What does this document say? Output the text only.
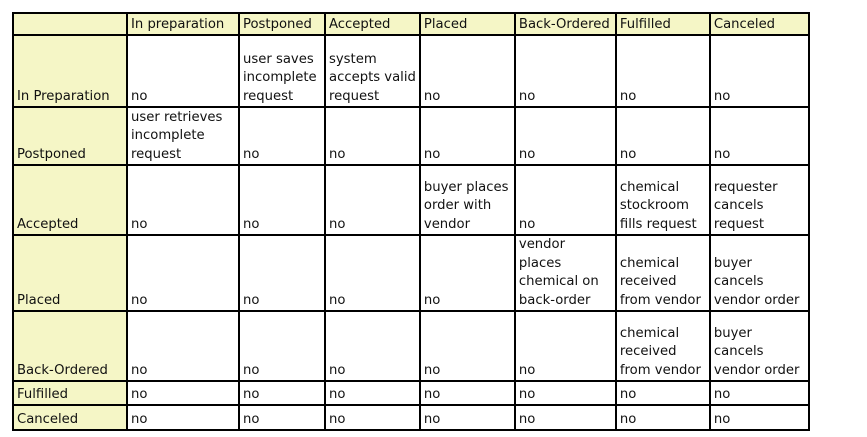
	In preparation	Postponed	Accepted	Placed	Back-Ordered	Fulfilled	Canceled
In Preparation	no	user saves
incomplete
request	system
accepts valid
request	no	no	no	no
Postponed	user retrieves
incomplete
request	no	no	no	no	no	no
Accepted	no	no	no	buyer places
order with
vendor	no	chemical
stockroom
fills request	requester
cancels
request
Placed	no	no	no	no	vendor
places
chemical on
back-order	chemical
received
from vendor	buyer
cancels
vendor order
Back-Ordered	no	no	no	no	no	chemical
received
from vendor	buyer
cancels
vendor order
Fulfilled	no	no	no	no	no	no	no
Canceled	no	no	no	no	no	no	no
